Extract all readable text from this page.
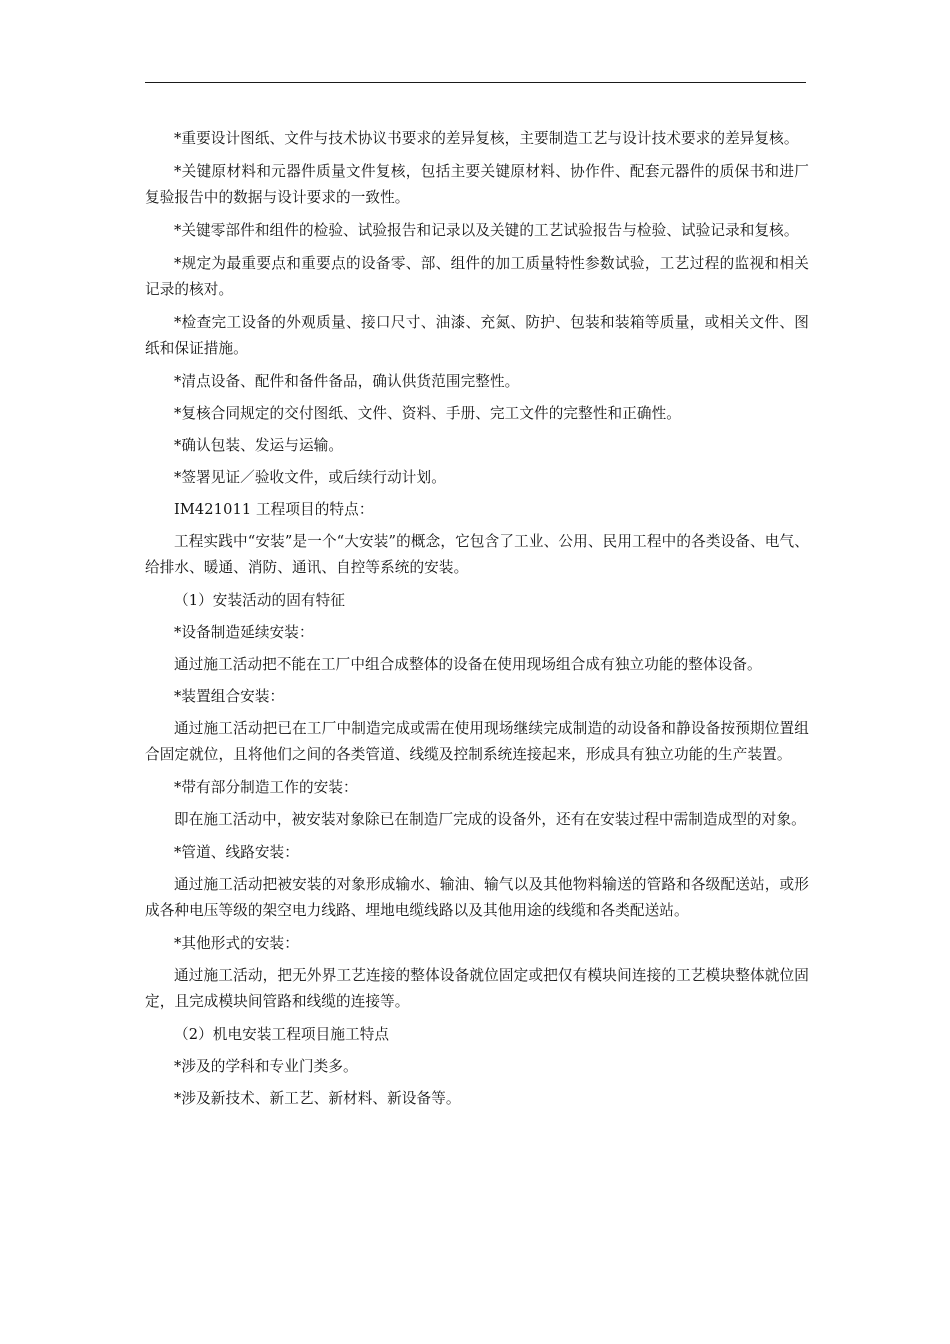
*重要设计图纸、文件与技术协议书要求的差异复核，主要制造工艺与设计技术要求的差异复核。

*关键原材料和元器件质量文件复核，包括主要关键原材料、协作件、配套元器件的质保书和进厂复验报告中的数据与设计要求的一致性。

*关键零部件和组件的检验、试验报告和记录以及关键的工艺试验报告与检验、试验记录和复核。

*规定为最重要点和重要点的设备零、部、组件的加工质量特性参数试验，工艺过程的监视和相关记录的核对。

*检查完工设备的外观质量、接口尺寸、油漆、充氮、防护、包装和装箱等质量，或相关文件、图纸和保证措施。

*清点设备、配件和备件备品，确认供货范围完整性。

*复核合同规定的交付图纸、文件、资料、手册、完工文件的完整性和正确性。

*确认包装、发运与运输。

*签署见证／验收文件，或后续行动计划。

IM421011 工程项目的特点：

工程实践中“安装”是一个“大安装”的概念，它包含了工业、公用、民用工程中的各类设备、电气、给排水、暖通、消防、通讯、自控等系统的安装。

（1）安装活动的固有特征

*设备制造延续安装：

通过施工活动把不能在工厂中组合成整体的设备在使用现场组合成有独立功能的整体设备。

*装置组合安装：

通过施工活动把已在工厂中制造完成或需在使用现场继续完成制造的动设备和静设备按预期位置组合固定就位，且将他们之间的各类管道、线缆及控制系统连接起来，形成具有独立功能的生产装置。

*带有部分制造工作的安装：

即在施工活动中，被安装对象除已在制造厂完成的设备外，还有在安装过程中需制造成型的对象。

*管道、线路安装：

通过施工活动把被安装的对象形成输水、输油、输气以及其他物料输送的管路和各级配送站，或形成各种电压等级的架空电力线路、埋地电缆线路以及其他用途的线缆和各类配送站。

*其他形式的安装：

通过施工活动，把无外界工艺连接的整体设备就位固定或把仅有模块间连接的工艺模块整体就位固定，且完成模块间管路和线缆的连接等。

（2）机电安装工程项目施工特点

*涉及的学科和专业门类多。

*涉及新技术、新工艺、新材料、新设备等。
